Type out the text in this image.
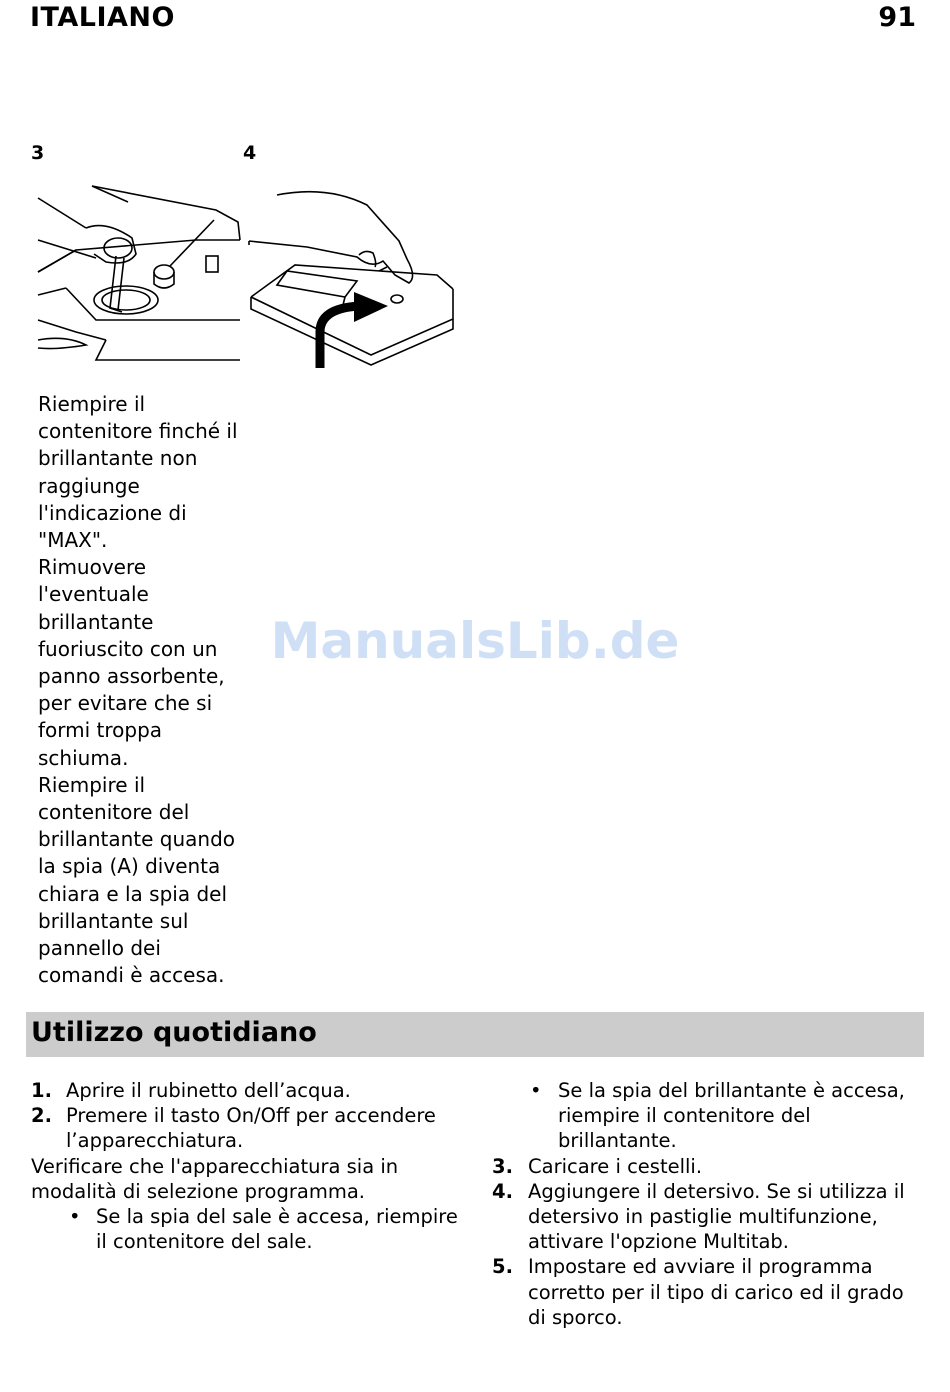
ITALIANO	91
3	4

Riempire il

contenitore finché il

brillantante non

raggiunge

l'indicazione di

"MAX".

Rimuovere

l'eventuale

brillantante

fuoriuscito con un

panno assorbente,

per evitare che si

formi troppa

schiuma.

Riempire il

contenitore del

brillantante quando

la spia (A) diventa

chiara e la spia del

brillantante sul

pannello dei

comandi è accesa.

ManualsLib.de
Utilizzo quotidiano
1. Aprire il rubinetto dell’acqua.
2. Premere il tasto On/Off per accendere l’apparecchiatura.

Verificare che l'apparecchiatura sia in modalità di selezione programma.

• Se la spia del sale è accesa, riempire il contenitore del sale.
• Se la spia del brillantante è accesa, riempire il contenitore del brillantante.
3. Caricare i cestelli.
4. Aggiungere il detersivo. Se si utilizza il detersivo in pastiglie multifunzione, attivare l'opzione Multitab.
5. Impostare ed avviare il programma corretto per il tipo di carico ed il grado di sporco.
